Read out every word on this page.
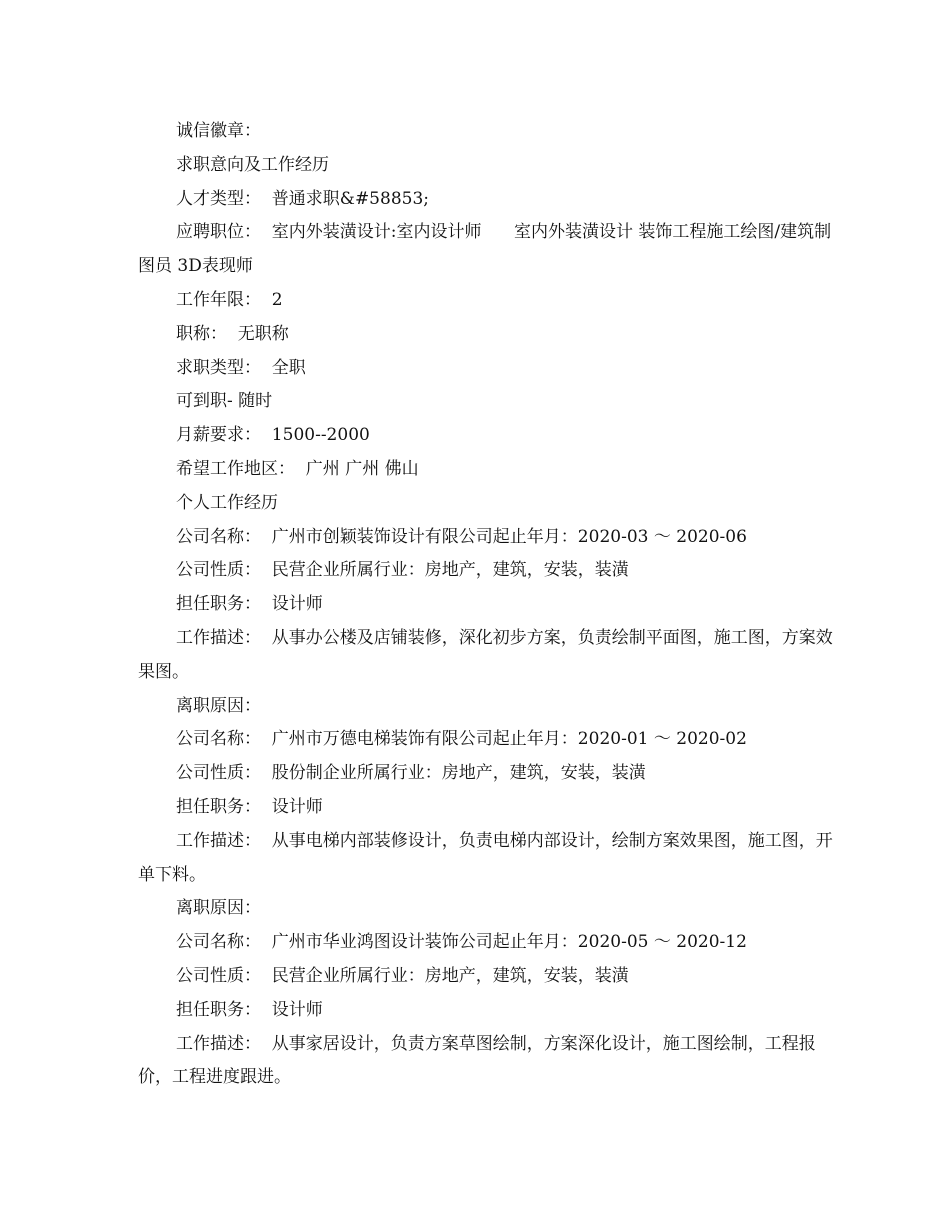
诚信徽章：

求职意向及工作经历

人才类型：  普通求职&#58853;

应聘职位：  室内外装潢设计:室内设计师      室内外装潢设计 装饰工程施工绘图/建筑制图员 3D表现师

工作年限：  2

职称：  无职称

求职类型：  全职

可到职- 随时

月薪要求：  1500--2000

希望工作地区：  广州 广州 佛山

个人工作经历

公司名称：  广州市创颖装饰设计有限公司起止年月：2020-03 ～ 2020-06

公司性质：  民营企业所属行业：房地产，建筑，安装，装潢

担任职务：  设计师

工作描述：  从事办公楼及店铺装修，深化初步方案，负责绘制平面图，施工图，方案效果图。

离职原因：

公司名称：  广州市万德电梯装饰有限公司起止年月：2020-01 ～ 2020-02

公司性质：  股份制企业所属行业：房地产，建筑，安装，装潢

担任职务：  设计师

工作描述：  从事电梯内部装修设计，负责电梯内部设计，绘制方案效果图，施工图，开单下料。

离职原因：

公司名称：  广州市华业鸿图设计装饰公司起止年月：2020-05 ～ 2020-12

公司性质：  民营企业所属行业：房地产，建筑，安装，装潢

担任职务：  设计师

工作描述：  从事家居设计，负责方案草图绘制，方案深化设计，施工图绘制，工程报价，工程进度跟进。
